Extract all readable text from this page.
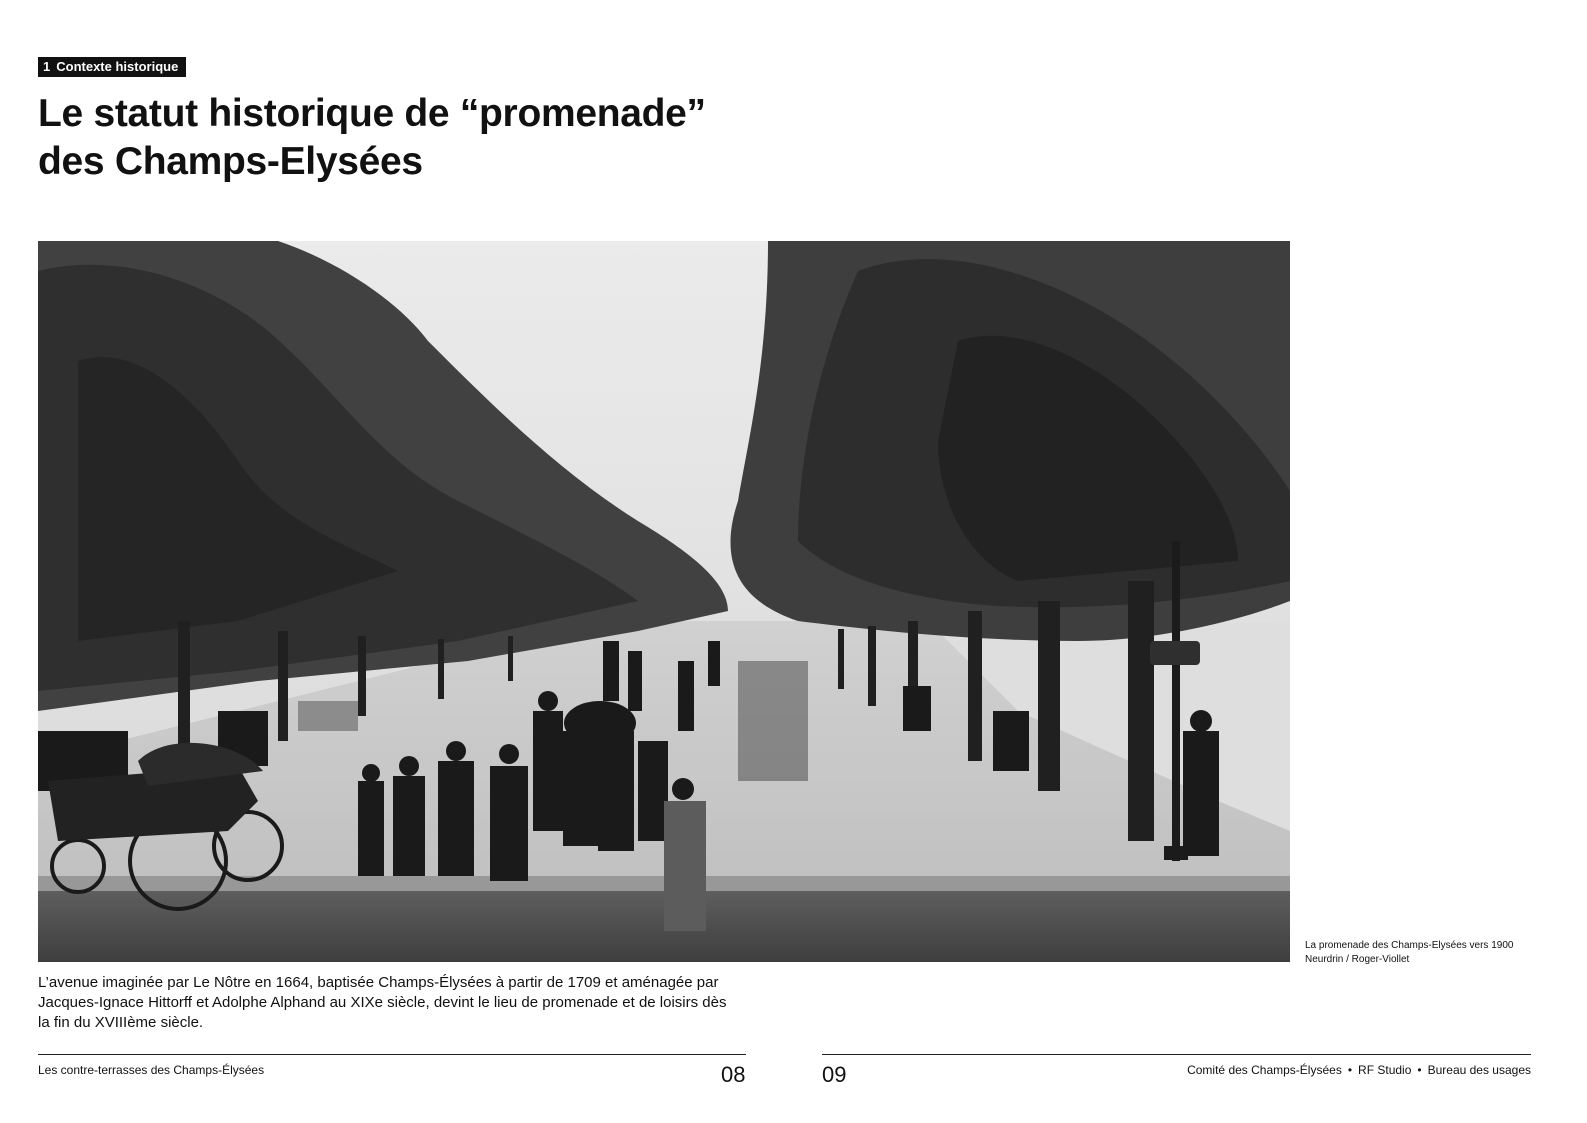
1 Contexte historique
Le statut historique de “promenade”
des Champs-Elysées
La promenade des Champs-Elysées vers 1900
Neurdrin / Roger-Viollet

L’avenue imaginée par Le Nôtre en 1664, baptisée Champs-Élysées à partir de 1709 et aménagée par Jacques-Ignace Hittorff et Adolphe Alphand au XIXe siècle, devint le lieu de promenade et de loisirs dès la fin du XVIIIème siècle.

Les contre-terrasses des Champs-Élysées	08	09	Comité des Champs-Élysées • RF Studio • Bureau des usages
